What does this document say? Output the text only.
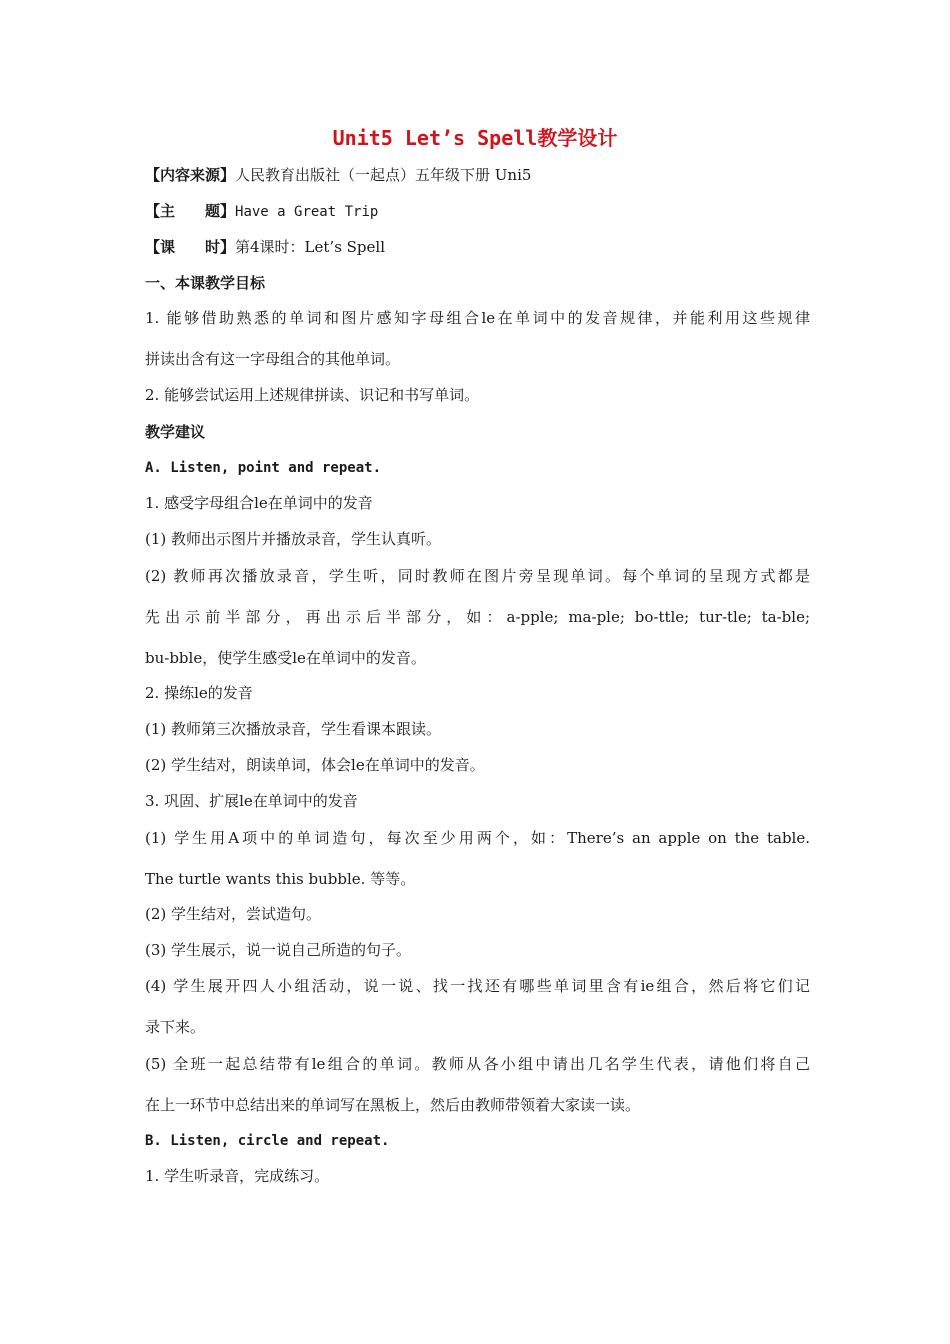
Unit5 Let’s Spell教学设计
【内容来源】人民教育出版社（一起点）五年级下册 Uni5
【主　　题】Have a Great Trip
【课　　时】第4课时：Let’s Spell
一、本课教学目标
1. 能够借助熟悉的单词和图片感知字母组合le在单词中的发音规律，并能利用这些规律
拼读出含有这一字母组合的其他单词。
2. 能够尝试运用上述规律拼读、识记和书写单词。
教学建议
A. Listen, point and repeat.
1. 感受字母组合le在单词中的发音
(1) 教师出示图片并播放录音，学生认真听。
(2) 教师再次播放录音，学生听，同时教师在图片旁呈现单词。每个单词的呈现方式都是
先出示前半部分，再出示后半部分，如：a-pple; ma-ple; bo-ttle; tur-tle; ta-ble;
bu-bble，使学生感受le在单词中的发音。
2. 操练le的发音
(1) 教师第三次播放录音，学生看课本跟读。
(2) 学生结对，朗读单词，体会le在单词中的发音。
3. 巩固、扩展le在单词中的发音
(1) 学生用A项中的单词造句，每次至少用两个，如：There’s an apple on the table.
The turtle wants this bubble. 等等。
(2) 学生结对，尝试造句。
(3) 学生展示，说一说自己所造的句子。
(4) 学生展开四人小组活动，说一说、找一找还有哪些单词里含有ie组合，然后将它们记
录下来。
(5) 全班一起总结带有le组合的单词。教师从各小组中请出几名学生代表，请他们将自己
在上一环节中总结出来的单词写在黑板上，然后由教师带领着大家读一读。
B. Listen, circle and repeat.
1. 学生听录音，完成练习。
